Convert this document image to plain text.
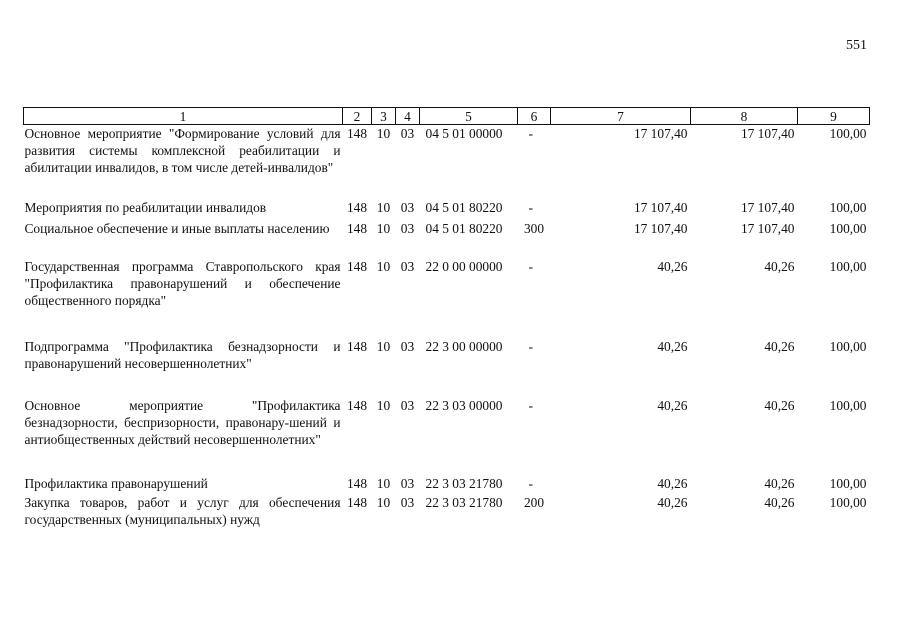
551
1	2	3	4	5	6	7	8	9
Основное мероприятие "Формирование условий для развития системы комплексной реабилитации и абилитации инвалидов, в том числе детей-инвалидов"	148	10	03	04 5 01 00000	-	17 107,40	17 107,40	100,00
Мероприятия по реабилитации инвалидов	148	10	03	04 5 01 80220	-	17 107,40	17 107,40	100,00
Социальное обеспечение и иные выплаты населению	148	10	03	04 5 01 80220	300	17 107,40	17 107,40	100,00
Государственная программа Ставропольского края "Профилактика правонарушений и обеспечение общественного порядка"	148	10	03	22 0 00 00000	-	40,26	40,26	100,00
Подпрограмма "Профилактика безнадзорности и правонарушений несовершеннолетних"	148	10	03	22 3 00 00000	-	40,26	40,26	100,00
Основное мероприятие "Профилактика безнадзорности, беспризорности, правонару-шений и антиобщественных действий несовершеннолетних"	148	10	03	22 3 03 00000	-	40,26	40,26	100,00
Профилактика правонарушений	148	10	03	22 3 03 21780	-	40,26	40,26	100,00
Закупка товаров, работ и услуг для обеспечения государственных (муниципальных) нужд	148	10	03	22 3 03 21780	200	40,26	40,26	100,00
